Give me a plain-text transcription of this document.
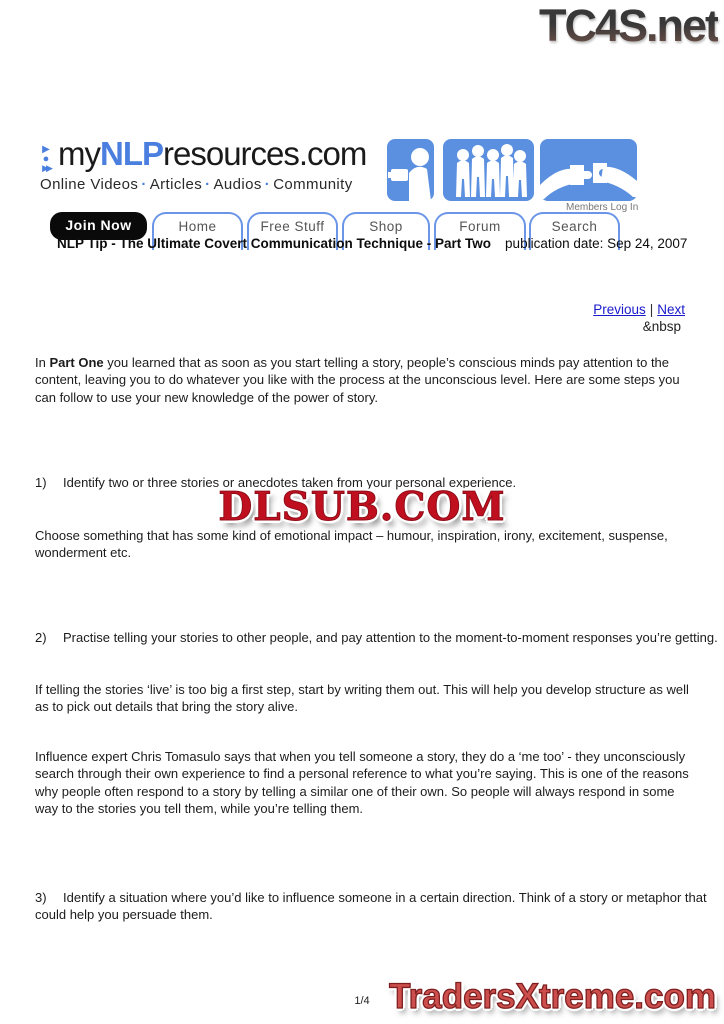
TC4S.net
▶
●
▶▶ myNLPresources.com
Online Videos · Articles · Audios · Community
Members Log In
Join Now	Home	Free Stuff	Shop	Forum	Search
NLP Tip - The Ultimate Covert Communication Technique - Part Two publication date: Sep 24, 2007
Previous | Next
&nbsp
In Part One you learned that as soon as you start telling a story, people’s conscious minds pay attention to the content, leaving you to do whatever you like with the process at the unconscious level. Here are some steps you can follow to use your new knowledge of the power of story.
1) Identify two or three stories or anecdotes taken from your personal experience.
DLSUB.COM
Choose something that has some kind of emotional impact – humour, inspiration, irony, excitement, suspense, wonderment etc.
2) Practise telling your stories to other people, and pay attention to the moment-to-moment responses you’re getting.
If telling the stories ‘live’ is too big a first step, start by writing them out. This will help you develop structure as well as to pick out details that bring the story alive.
Influence expert Chris Tomasulo says that when you tell someone a story, they do a ‘me too’ - they unconsciously search through their own experience to find a personal reference to what you’re saying. This is one of the reasons why people often respond to a story by telling a similar one of their own. So people will always respond in some way to the stories you tell them, while you’re telling them.
3) Identify a situation where you’d like to influence someone in a certain direction. Think of a story or metaphor that could help you persuade them.
1/4 TradersXtreme.com
